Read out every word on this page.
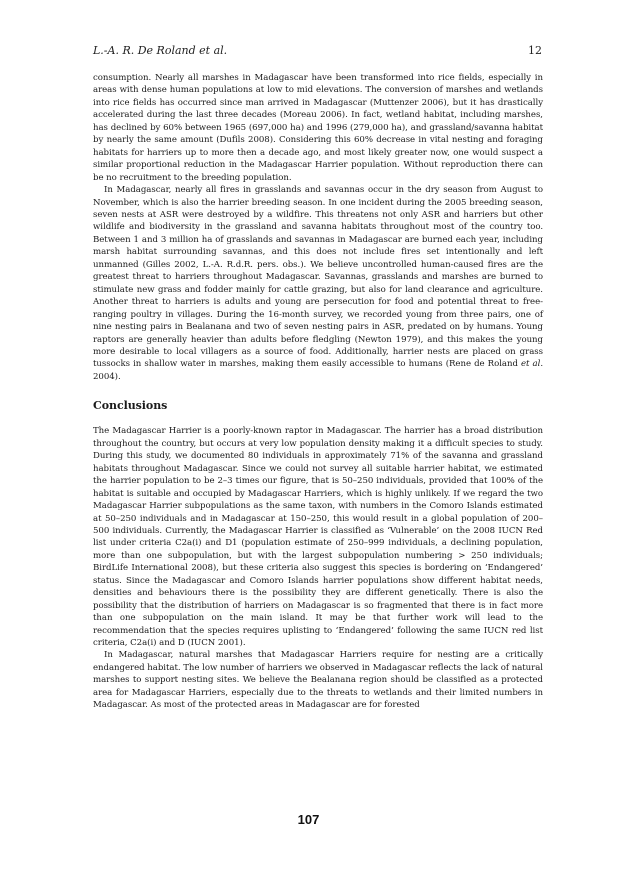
L.-A. R. De Roland et al.	12

consumption. Nearly all marshes in Madagascar have been transformed into rice fields, especially in areas with dense human populations at low to mid elevations. The conversion of marshes and wetlands into rice fields has occurred since man arrived in Madagascar (Muttenzer 2006), but it has drastically accelerated during the last three decades (Moreau 2006). In fact, wetland habitat, including marshes, has declined by 60% between 1965 (697,000 ha) and 1996 (279,000 ha), and grassland/savanna habitat by nearly the same amount (Dufils 2008). Considering this 60% decrease in vital nesting and foraging habitats for harriers up to more then a decade ago, and most likely greater now, one would suspect a similar proportional reduction in the Madagascar Harrier population. Without reproduction there can be no recruitment to the breeding population.

In Madagascar, nearly all fires in grasslands and savannas occur in the dry season from August to November, which is also the harrier breeding season. In one incident during the 2005 breeding season, seven nests at ASR were destroyed by a wildfire. This threatens not only ASR and harriers but other wildlife and biodiversity in the grassland and savanna habitats throughout most of the country too. Between 1 and 3 million ha of grasslands and savannas in Madagascar are burned each year, including marsh habitat surrounding savannas, and this does not include fires set intentionally and left unmanned (Gilles 2002, L.-A. R.d.R. pers. obs.). We believe uncontrolled human-caused fires are the greatest threat to harriers throughout Madagascar. Savannas, grasslands and marshes are burned to stimulate new grass and fodder mainly for cattle grazing, but also for land clearance and agriculture. Another threat to harriers is adults and young are persecution for food and potential threat to free-ranging poultry in villages. During the 16-month survey, we recorded young from three pairs, one of nine nesting pairs in Bealanana and two of seven nesting pairs in ASR, predated on by humans. Young raptors are generally heavier than adults before fledgling (Newton 1979), and this makes the young more desirable to local villagers as a source of food. Additionally, harrier nests are placed on grass tussocks in shallow water in marshes, making them easily accessible to humans (Rene de Roland et al. 2004).

Conclusions

The Madagascar Harrier is a poorly-known raptor in Madagascar. The harrier has a broad distribution throughout the country, but occurs at very low population density making it a difficult species to study. During this study, we documented 80 individuals in approximately 71% of the savanna and grassland habitats throughout Madagascar. Since we could not survey all suitable harrier habitat, we estimated the harrier population to be 2–3 times our figure, that is 50–250 individuals, provided that 100% of the habitat is suitable and occupied by Madagascar Harriers, which is highly unlikely. If we regard the two Madagascar Harrier subpopulations as the same taxon, with numbers in the Comoro Islands estimated at 50–250 individuals and in Madagascar at 150–250, this would result in a global population of 200–500 individuals. Currently, the Madagascar Harrier is classified as ‘Vulnerable’ on the 2008 IUCN Red list under criteria C2a(i) and D1 (population estimate of 250–999 individuals, a declining population, more than one subpopulation, but with the largest subpopulation numbering > 250 individuals; BirdLife International 2008), but these criteria also suggest this species is bordering on ‘Endangered’ status. Since the Madagascar and Comoro Islands harrier populations show different habitat needs, densities and behaviours there is the possibility they are different genetically. There is also the possibility that the distribution of harriers on Madagascar is so fragmented that there is in fact more than one subpopulation on the main island. It may be that further work will lead to the recommendation that the species requires uplisting to ‘Endangered’ following the same IUCN red list criteria, C2a(i) and D (IUCN 2001).

In Madagascar, natural marshes that Madagascar Harriers require for nesting are a critically endangered habitat. The low number of harriers we observed in Madagascar reflects the lack of natural marshes to support nesting sites. We believe the Bealanana region should be classified as a protected area for Madagascar Harriers, especially due to the threats to wetlands and their limited numbers in Madagascar. As most of the protected areas in Madagascar are for forested

107
